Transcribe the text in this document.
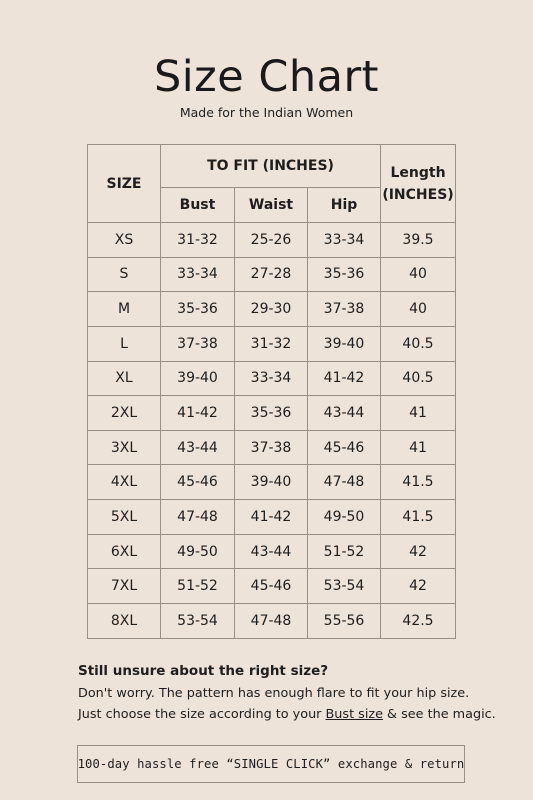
Size Chart
Made for the Indian Women
SIZE	TO FIT (INCHES)			Length (INCHES)
	Bust	Waist	Hip	
XS	31-32	25-26	33-34	39.5
S	33-34	27-28	35-36	40
M	35-36	29-30	37-38	40
L	37-38	31-32	39-40	40.5
XL	39-40	33-34	41-42	40.5
2XL	41-42	35-36	43-44	41
3XL	43-44	37-38	45-46	41
4XL	45-46	39-40	47-48	41.5
5XL	47-48	41-42	49-50	41.5
6XL	49-50	43-44	51-52	42
7XL	51-52	45-46	53-54	42
8XL	53-54	47-48	55-56	42.5
Still unsure about the right size?
Don't worry. The pattern has enough flare to fit your hip size.
Just choose the size according to your Bust size & see the magic.
100-day hassle free “SINGLE CLICK” exchange & return
